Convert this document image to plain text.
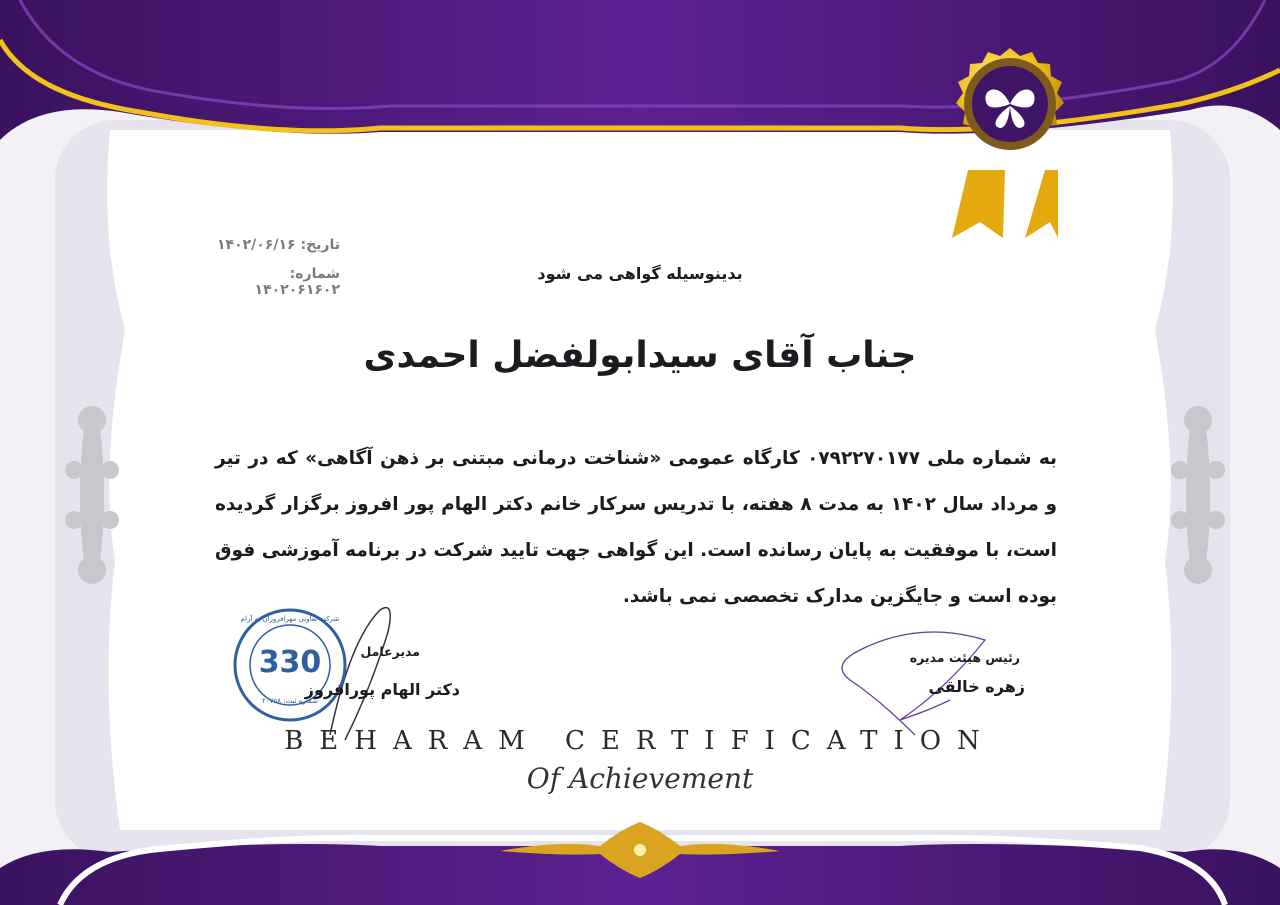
330
شرکت تعاونی مهرافروزان به آرام
شماره ثبت: ۲۰۷۵۸
تاریخ: ۱۴۰۲/۰۶/۱۶
شماره: ۱۴۰۲۰۶۱۶۰۲
بدینوسیله گواهی می شود
جناب آقای سیدابولفضل احمدی
به شماره ملی ۰۷۹۲۲۷۰۱۷۷ کارگاه عمومی «شناخت درمانی مبتنی بر ذهن آگاهی» که در تیر و مرداد سال ۱۴۰۲ به مدت ۸ هفته، با تدریس سرکار خانم دکتر الهام پور افروز برگزار گردیده است، با موفقیت به پایان رسانده است. این گواهی جهت تایید شرکت در برنامه آموزشی فوق بوده است و جایگزین مدارک تخصصی نمی باشد.
مدیرعامل
دکتر الهام پورافروز
رئیس هیئت مدیره
زهره خالقی
BEHARAM CERTIFICATION
Of Achievement
